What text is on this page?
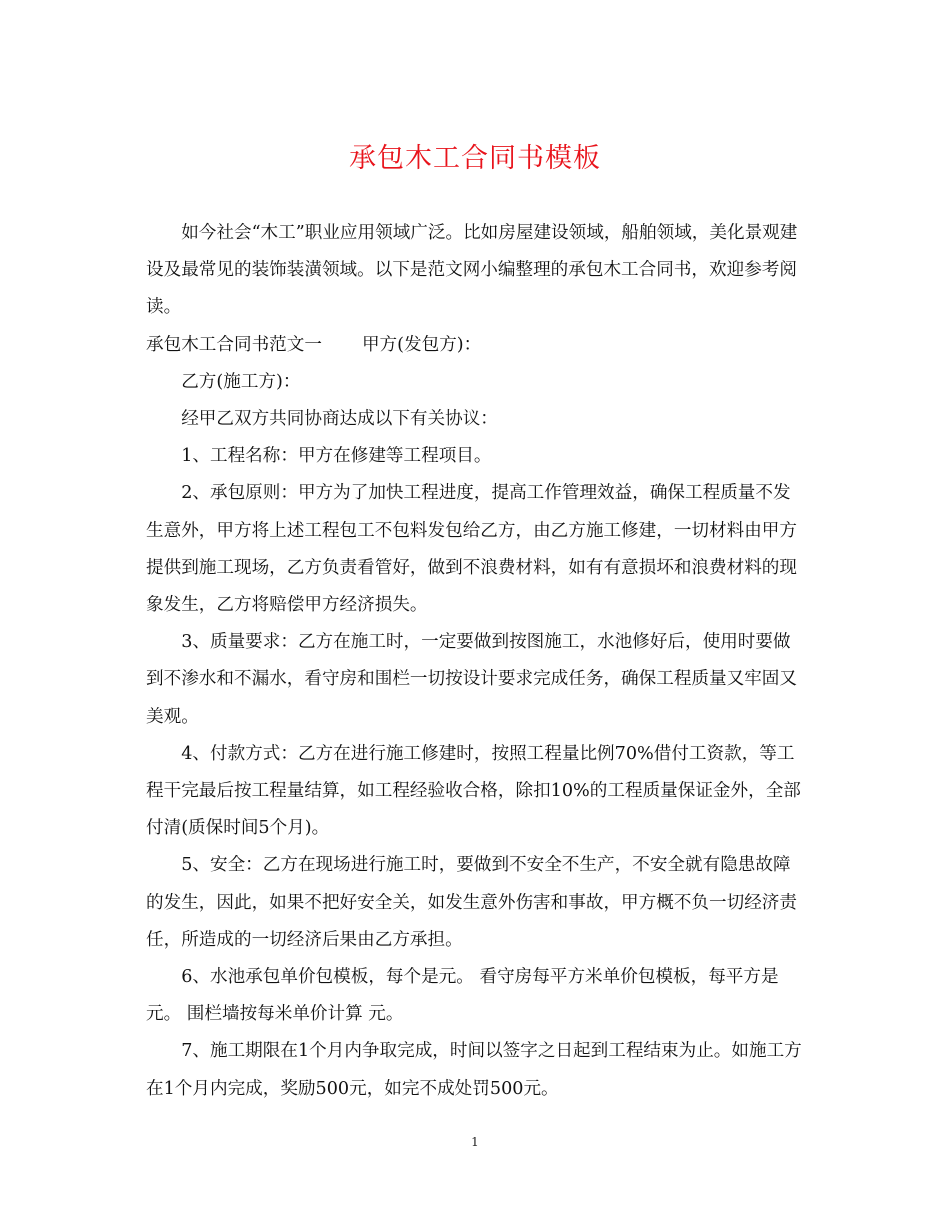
承包木工合同书模板

如今社会“木工”职业应用领域广泛。比如房屋建设领域，船舶领域，美化景观建设及最常见的装饰装潢领域。以下是范文网小编整理的承包木工合同书，欢迎参考阅读。

承包木工合同书范文一 甲方(发包方)：

乙方(施工方)：

经甲乙双方共同协商达成以下有关协议：

1、工程名称：甲方在修建等工程项目。

2、承包原则：甲方为了加快工程进度，提高工作管理效益，确保工程质量不发生意外，甲方将上述工程包工不包料发包给乙方，由乙方施工修建，一切材料由甲方提供到施工现场，乙方负责看管好，做到不浪费材料，如有有意损坏和浪费材料的现象发生，乙方将赔偿甲方经济损失。

3、质量要求：乙方在施工时，一定要做到按图施工，水池修好后，使用时要做到不渗水和不漏水，看守房和围栏一切按设计要求完成任务，确保工程质量又牢固又美观。

4、付款方式：乙方在进行施工修建时，按照工程量比例70%借付工资款，等工程干完最后按工程量结算，如工程经验收合格，除扣10%的工程质量保证金外，全部付清(质保时间5个月)。

5、安全：乙方在现场进行施工时，要做到不安全不生产，不安全就有隐患故障的发生，因此，如果不把好安全关，如发生意外伤害和事故，甲方概不负一切经济责任，所造成的一切经济后果由乙方承担。

6、水池承包单价包模板，每个是元。 看守房每平方米单价包模板，每平方是 元。 围栏墙按每米单价计算 元。

7、施工期限在1个月内争取完成，时间以签字之日起到工程结束为止。如施工方在1个月内完成，奖励500元，如完不成处罚500元。

1
